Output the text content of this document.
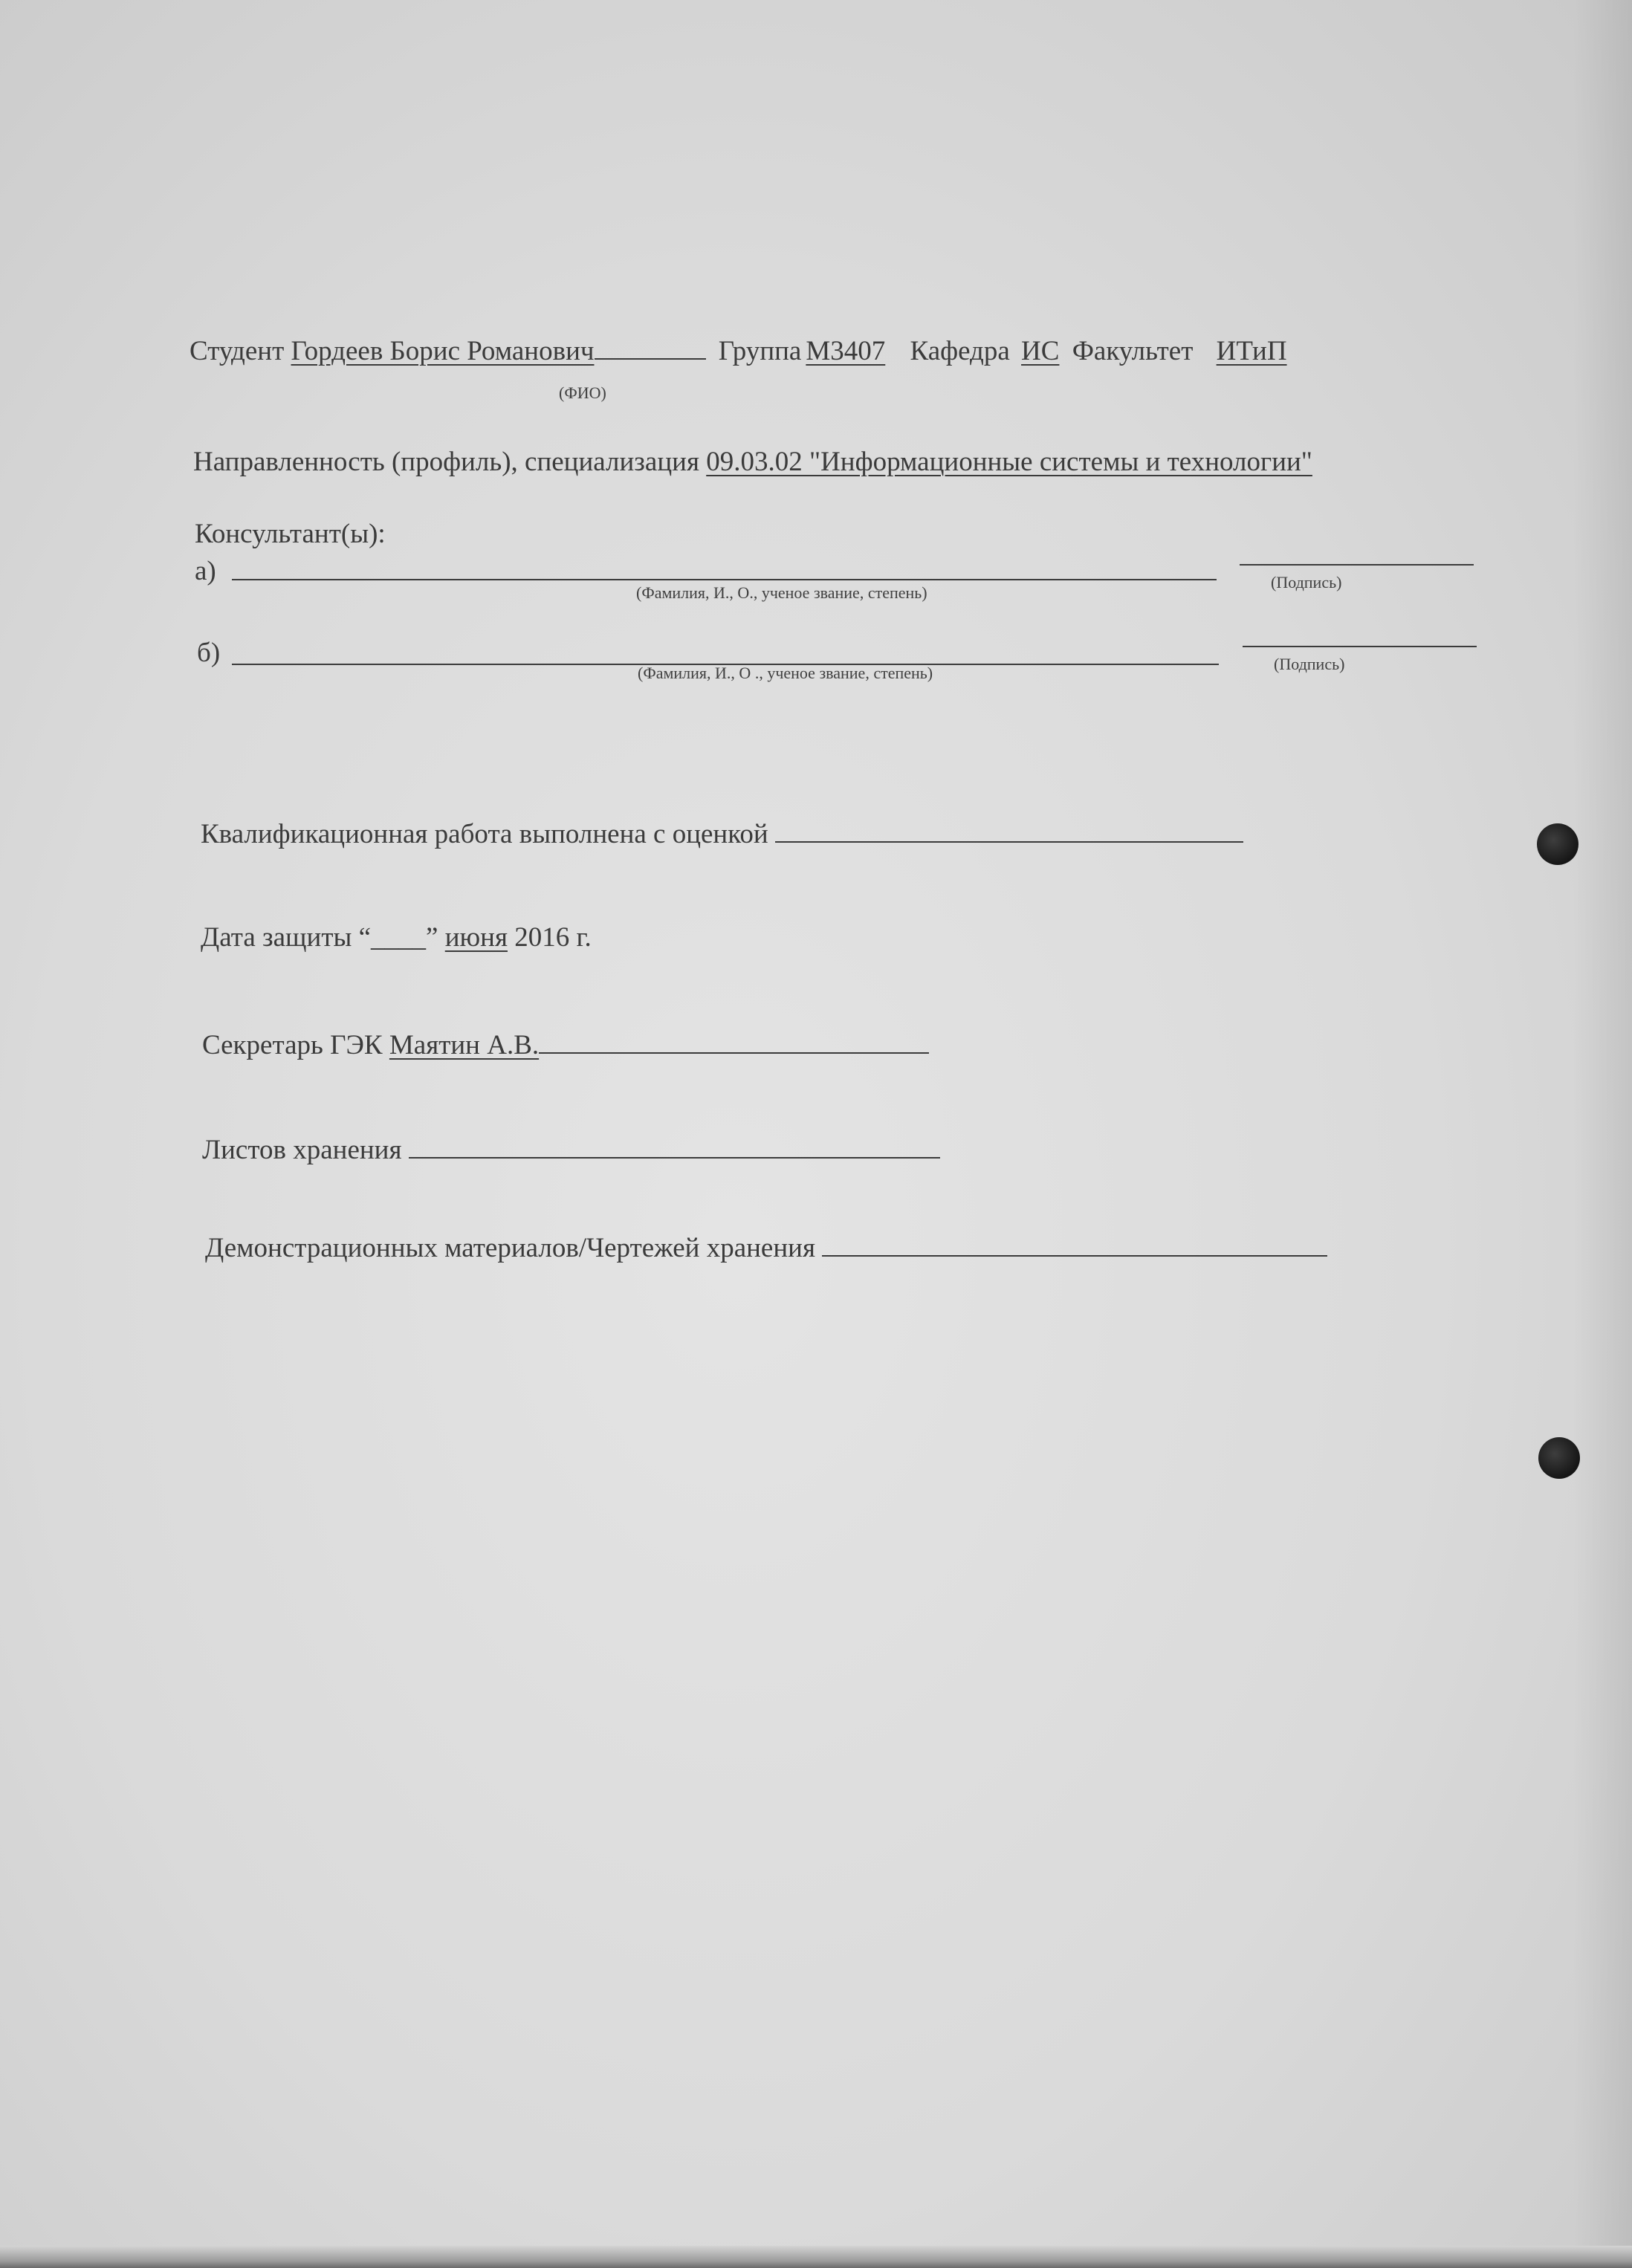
Студент Гордеев Борис Романович	Группа М3407 Кафедра ИС Факультет ИТиП
(ФИО)
Направленность (профиль), специализация 09.03.02 "Информационные системы и технологии"
Консультант(ы):
а)
(Фамилия, И., О., ученое звание, степень)
(Подпись)
б)
(Фамилия, И., О ., ученое звание, степень)	(Подпись)
Квалификационная работа выполнена с оценкой
Дата защиты “____” июня 2016 г.
Секретарь ГЭК Маятин А.В.
Листов хранения
Демонстрационных материалов/Чертежей хранения
